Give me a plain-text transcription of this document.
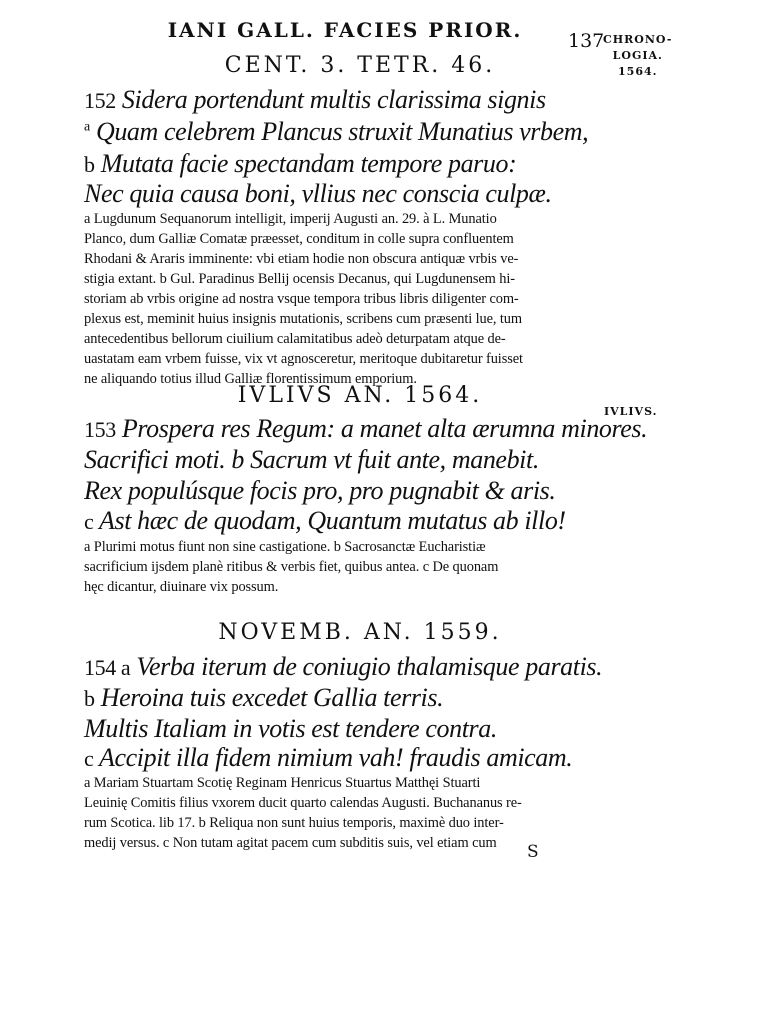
IANI GALL. FACIES PRIOR. 137
CHRONO-
LOGIA.
1564.
IVLIVS.
CENT. 3. TETR. 46.
152 Sidera portendunt multis clarissima signis
$^a$ Quam celebrem Plancus struxit Munatius vrbem,
b Mutata facie spectandam tempore paruo:
Nec quia causa boni, vllius nec conscia culpæ.
a Lugdunum Sequanorum intelligit, imperij Augusti an. 29. à L. Munatio
Planco, dum Galliæ Comatæ præesset, conditum in colle supra confluentem
Rhodani & Araris imminente: vbi etiam hodie non obscura antiquæ vrbis ve-
stigia extant. b Gul. Paradinus Bellij ocensis Decanus, qui Lugdunensem hi-
storiam ab vrbis origine ad nostra vsque tempora tribus libris diligenter com-
plexus est, meminit huius insignis mutationis, scribens cum præsenti lue, tum
antecedentibus bellorum ciuilium calamitatibus adeò deturpatam atque de-
uastatam eam vrbem fuisse, vix vt agnosceretur, meritoque dubitaretur fuisset
ne aliquando totius illud Galliæ florentissimum emporium.
IVLIVS AN. 1564.
153 Prospera res Regum: a manet alta ærumna minores.
Sacrifici moti. b Sacrum vt fuit ante, manebit.
Rex populúsque focis pro, pro pugnabit & aris.
c Ast hæc de quodam, Quantum mutatus ab illo!
a Plurimi motus fiunt non sine castigatione. b Sacrosanctæ Eucharistiæ
sacrificium ijsdem planè ritibus & verbis fiet, quibus antea. c De quonam
hęc dicantur, diuinare vix possum.
NOVEMB. AN. 1559.
154 a Verba iterum de coniugio thalamisque paratis.
b Heroina tuis excedet Gallia terris.
Multis Italiam in votis est tendere contra.
c Accipit illa fidem nimium vah! fraudis amicam.
a Mariam Stuartam Scotię Reginam Henricus Stuartus Matthęi Stuarti
Leuinię Comitis filius vxorem ducit quarto calendas Augusti. Buchananus re-
rum Scotica. lib 17. b Reliqua non sunt huius temporis, maximè duo inter-
medij versus. c Non tutam agitat pacem cum subditis suis, vel etiam cum	S
